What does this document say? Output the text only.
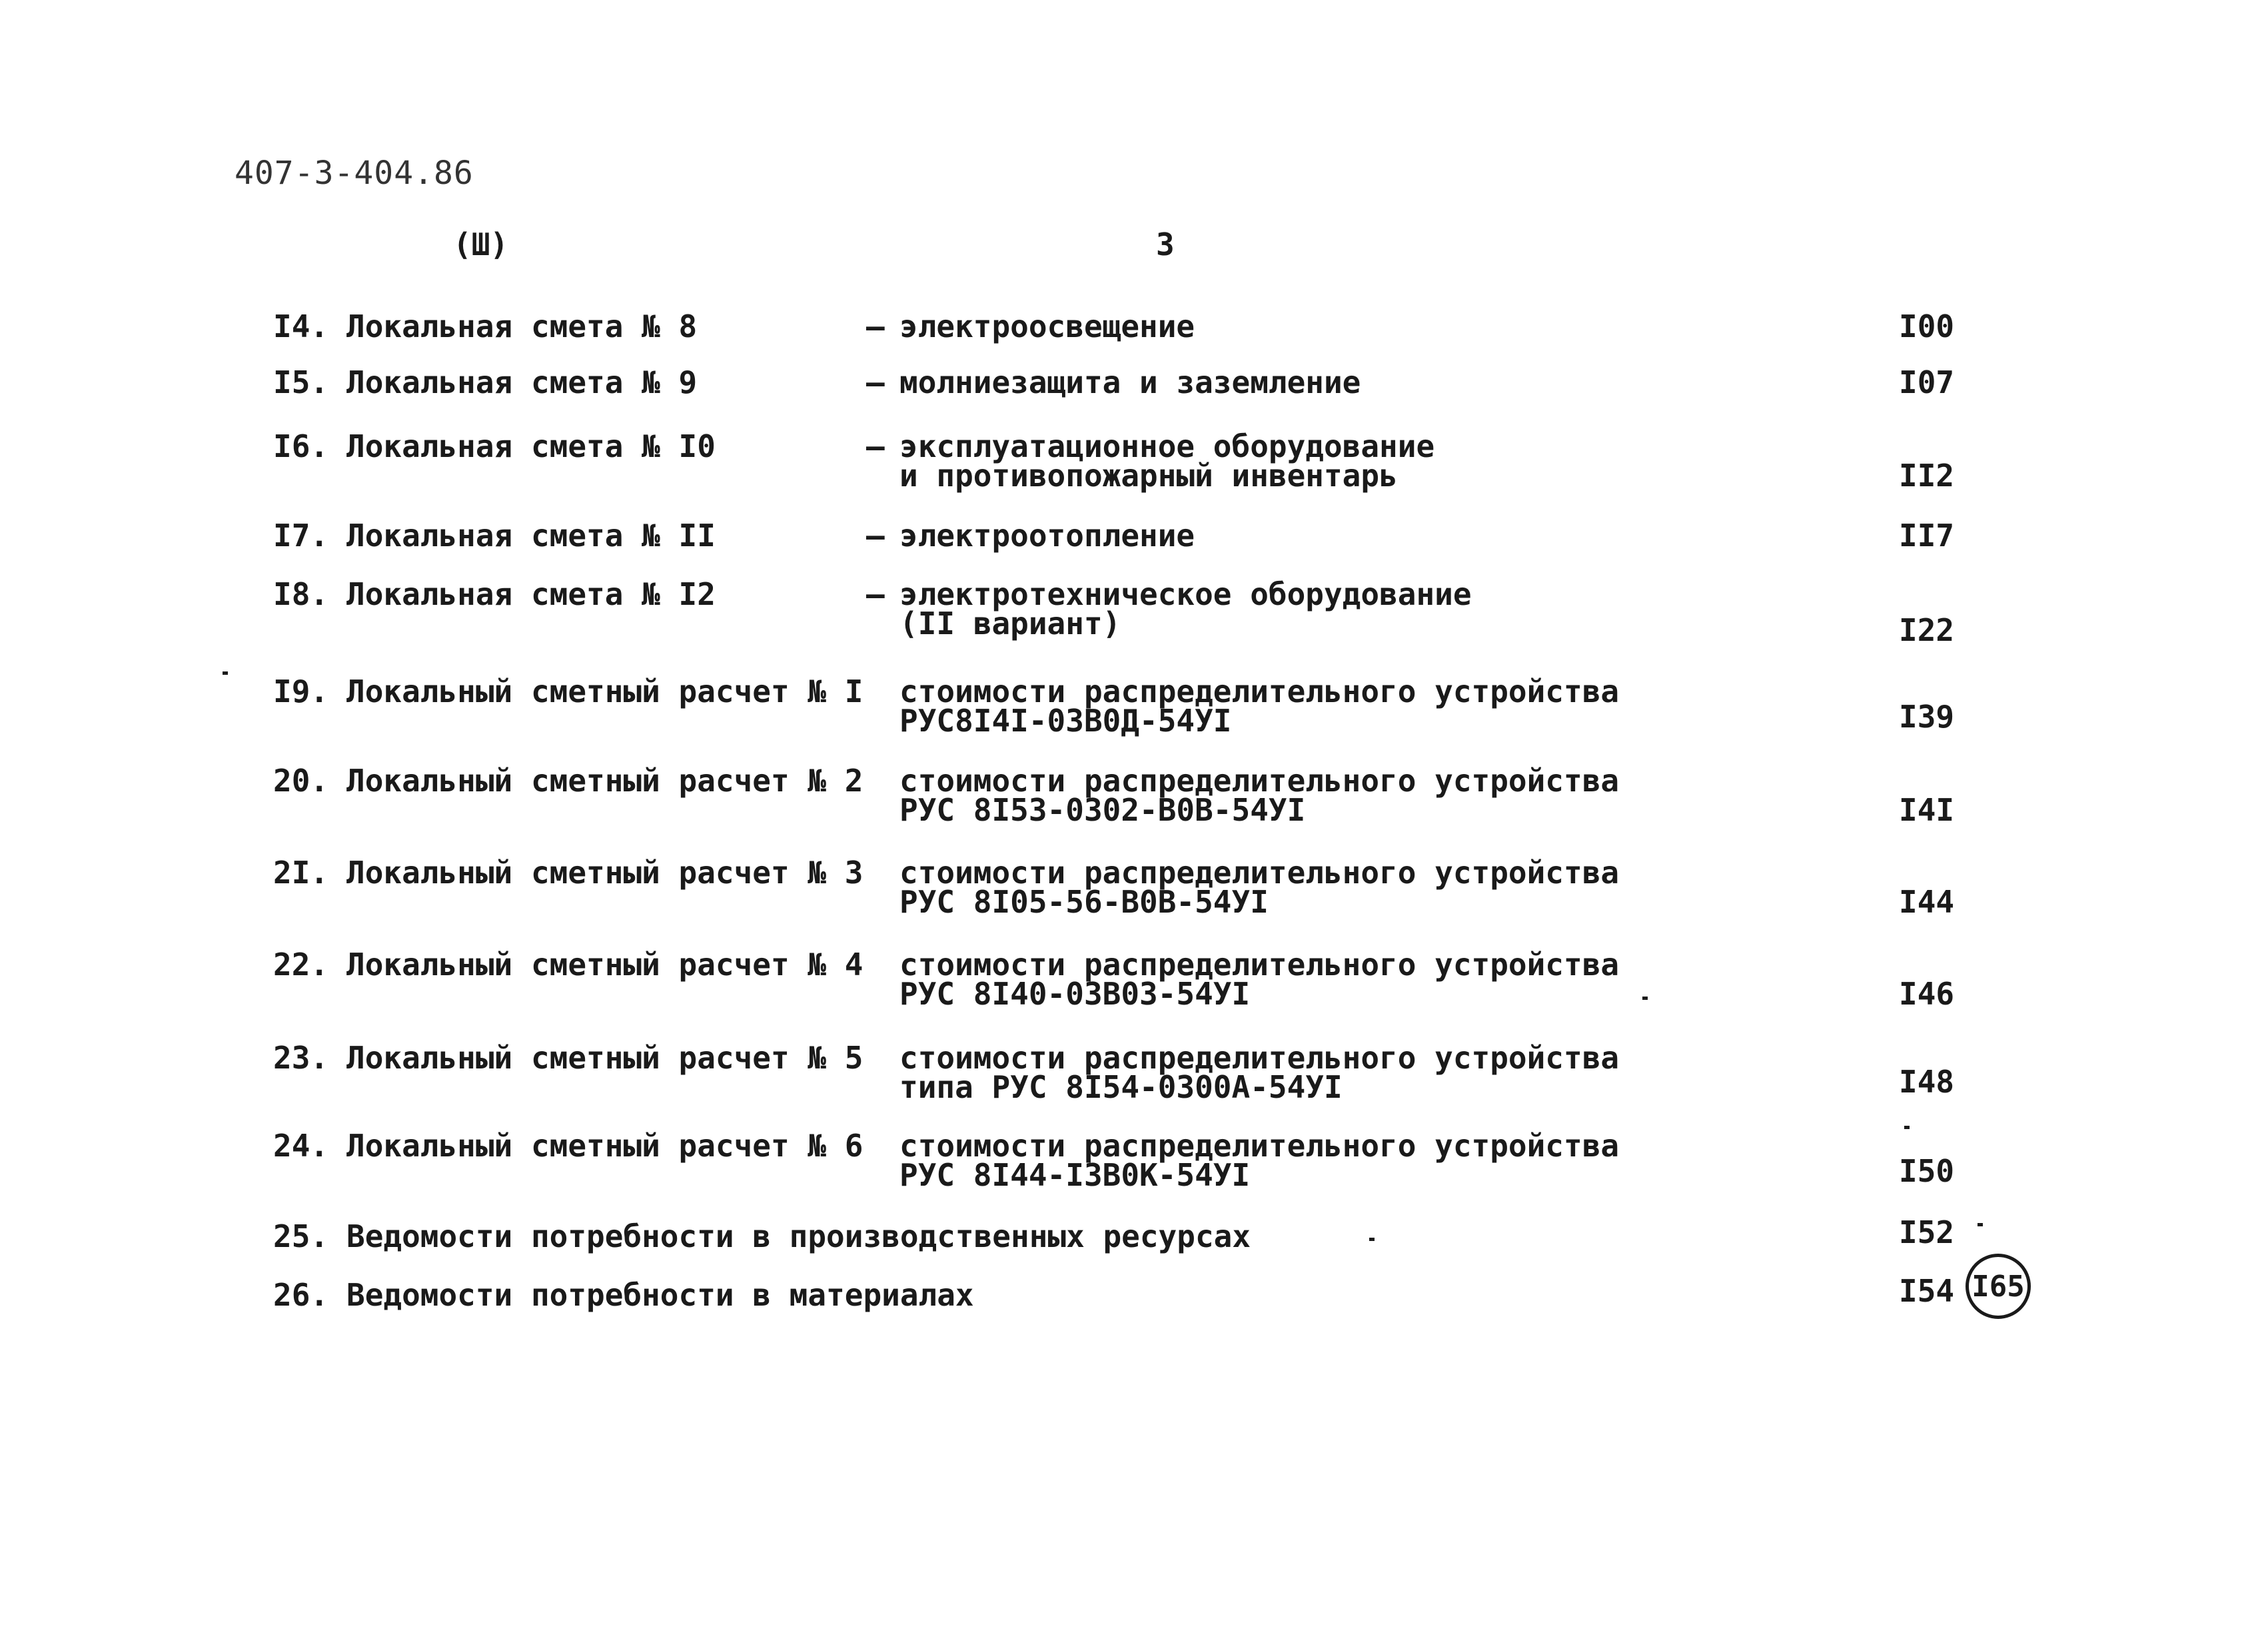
407-3-404.86
(Ш)	3
I4. Локальная смета № 8	– электроосвещение	I00
I5. Локальная смета № 9	– молниезащита и заземление	I07
I6. Локальная смета № I0	– эксплуатационное оборудование
и противопожарный инвентарь	II2
I7. Локальная смета № II	– электроотопление	II7
I8. Локальная смета № I2	– электротехническое оборудование
(II вариант)	I22
I9. Локальный сметный расчет № I стоимости распределительного устройства
РУС8I4I-03В0Д-54УI	I39
20. Локальный сметный расчет № 2 стоимости распределительного устройства
РУС 8I53-0302-В0В-54УI	I4I
2I. Локальный сметный расчет № 3 стоимости распределительного устройства
РУС 8I05-56-В0В-54УI	I44
22. Локальный сметный расчет № 4 стоимости распределительного устройства
РУС 8I40-03В03-54УI	I46
23. Локальный сметный расчет № 5 стоимости распределительного устройства
типа РУС 8I54-0300А-54УI	I48
24. Локальный сметный расчет № 6 стоимости распределительного устройства
РУС 8I44-I3В0К-54УI	I50
25. Ведомости потребности в производственных ресурсах	I52
26. Ведомости потребности в материалах	I54 I65
